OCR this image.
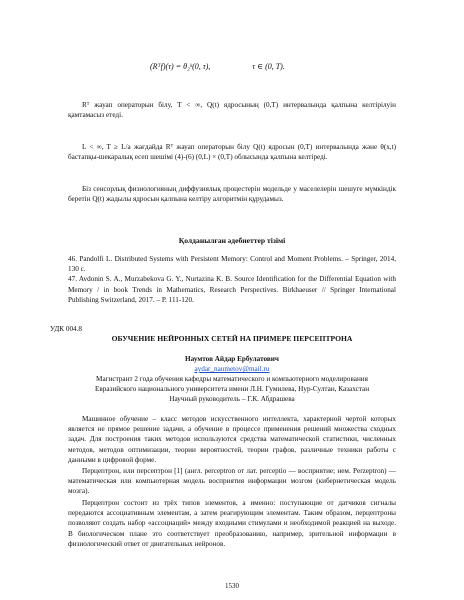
(Rᵀf)(τ) = θ₂ᵏ(0, τ),	τ ∈ (0, T).
Rᵀ жауап операторын білу, T < ∞, Q(t) ядросының (0,T) интервалында қалпына келтірілуін қамтамасыз етеді.
L < ∞, T ≥ L/a жағдайда Rᵀ жауап операторын білу Q(t) ядросын (0,T) интервалында және θ(x,t) бастапқы-шекаралық есеп шешімі (4)-(6) (0,L) × (0,T) облысында қалпына келтіреді.
Біз сенсорлық физиологияның диффузиялық процестерін модельде у маселелерін шешуге мүмкіндік беретін Q(t) жадылы ядросын қалпына келтіру алгоритмін құрудамыз.
Қолданылған әдебиеттер тізімі
46. Pandolfi L. Distributed Systems with Persistent Memory: Control and Moment Problems. – Springer, 2014, 130 c.
47. Avdonin S. A., Murzabekova G. Y., Nurtazina K. B. Source Identification for the Differential Equation with Memory / in book Trends in Mathematics, Research Perspectives. Birkhaeuser // Springer International Publishing Switzerland, 2017. – P. 111-120.
УДК 004.8
ОБУЧЕНИЕ НЕЙРОННЫХ СЕТЕЙ НА ПРИМЕРЕ ПЕРСЕПТРОНА
Наумтов Айдар Ербулатович
aydar_naumetov@mail.ru
Магистрант 2 года обучения кафедры математического и компьютерного моделирования
Евразийского национального университета имени Л.Н. Гумилева, Нур-Султан, Казахстан
Научный руководитель – Г.К. Абдрашева
Машинное обучение – класс методов искусственного интеллекта, характерной чертой которых является не прямое решение задачи, а обучение в процессе применения решений множества сходных задач. Для построения таких методов используются средства математической статистики, численных методов, методов оптимизации, теории вероятностей, теории графов, различные техники работы с данными в цифровой форме.
Перцептрон, или персептрон [1] (англ. perceptron от лат. perceptio — восприятие; нем. Perzeptron) — математическая или компьютерная модель восприятия информации мозгом (кибернетическая модель мозга).
Перцептрон состоит из трёх типов элементов, а именно: поступающие от датчиков сигналы передаются ассоциативным элементам, а затем реагирующим элементам. Таким образом, перцептроны позволяют создать набор «ассоциаций» между входными стимулами и необходимой реакцией на выходе. В биологическом плане это соответствует преобразованию, например, зрительной информации в физиологический ответ от двигательных нейронов.
1530
